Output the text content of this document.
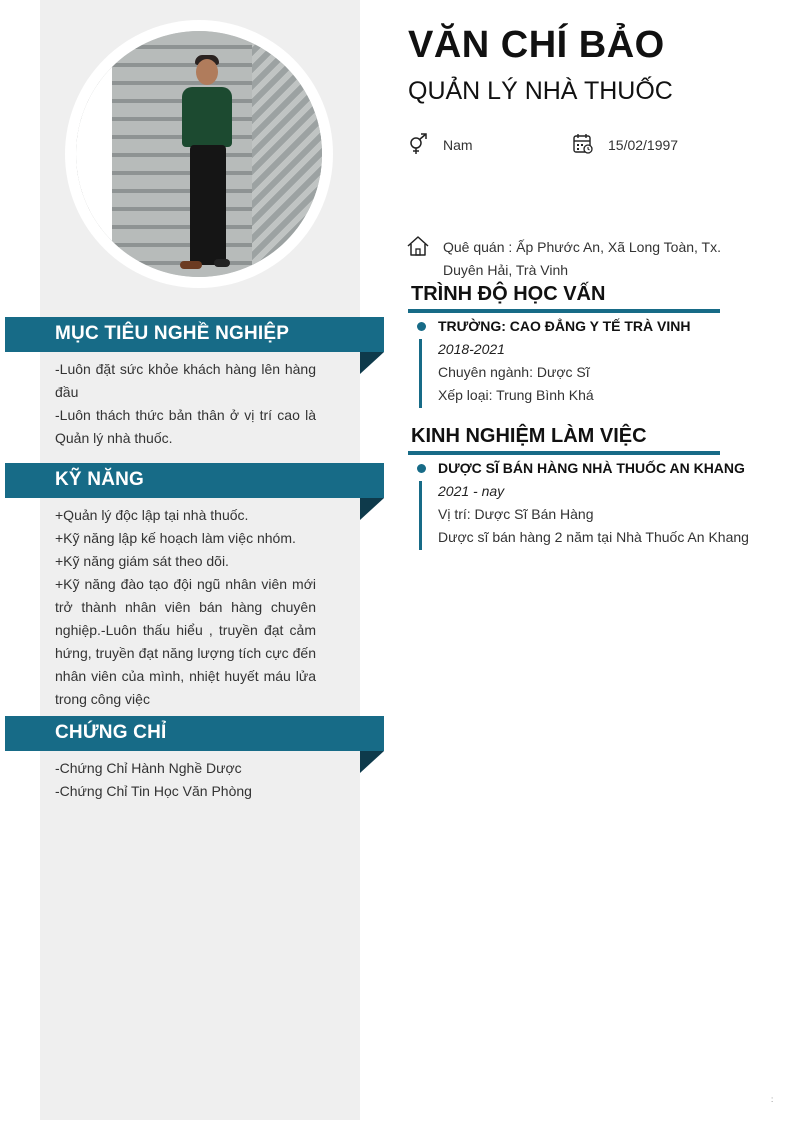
MỤC TIÊU NGHỀ NGHIỆP

-Luôn đặt sức khỏe khách hàng lên hàng đầu

-Luôn thách thức bản thân ở vị trí cao là Quản lý nhà thuốc.

KỸ NĂNG

+Quản lý độc lập tại nhà thuốc.

+Kỹ năng lập kế hoạch làm việc nhóm.

+Kỹ năng giám sát theo dõi.

+Kỹ năng đào tạo đội ngũ nhân viên mới trở thành nhân viên bán hàng chuyên nghiệp.-Luôn thấu hiểu , truyền đạt cảm hứng, truyền đạt năng lượng tích cực đến nhân viên của mình, nhiệt huyết máu lửa trong công việc

CHỨNG CHỈ

-Chứng Chỉ Hành Nghề Dược

-Chứng Chỉ Tin Học Văn Phòng

VĂN CHÍ BẢO
QUẢN LÝ NHÀ THUỐC
Nam	15/02/1997
Quê quán : Ấp Phước An, Xã Long Toàn, Tx. Duyên Hải, Trà Vinh
TRÌNH ĐỘ HỌC VẤN
TRƯỜNG: CAO ĐẲNG Y TẾ TRÀ VINH
2018-2021
Chuyên ngành: Dược Sĩ
Xếp loại: Trung Bình Khá
KINH NGHIỆM LÀM VIỆC
DƯỢC SĨ BÁN HÀNG NHÀ THUỐC AN KHANG
2021 - nay
Vị trí: Dược Sĩ Bán Hàng
Dược sĩ bán hàng 2 năm tại Nhà Thuốc An Khang
:
